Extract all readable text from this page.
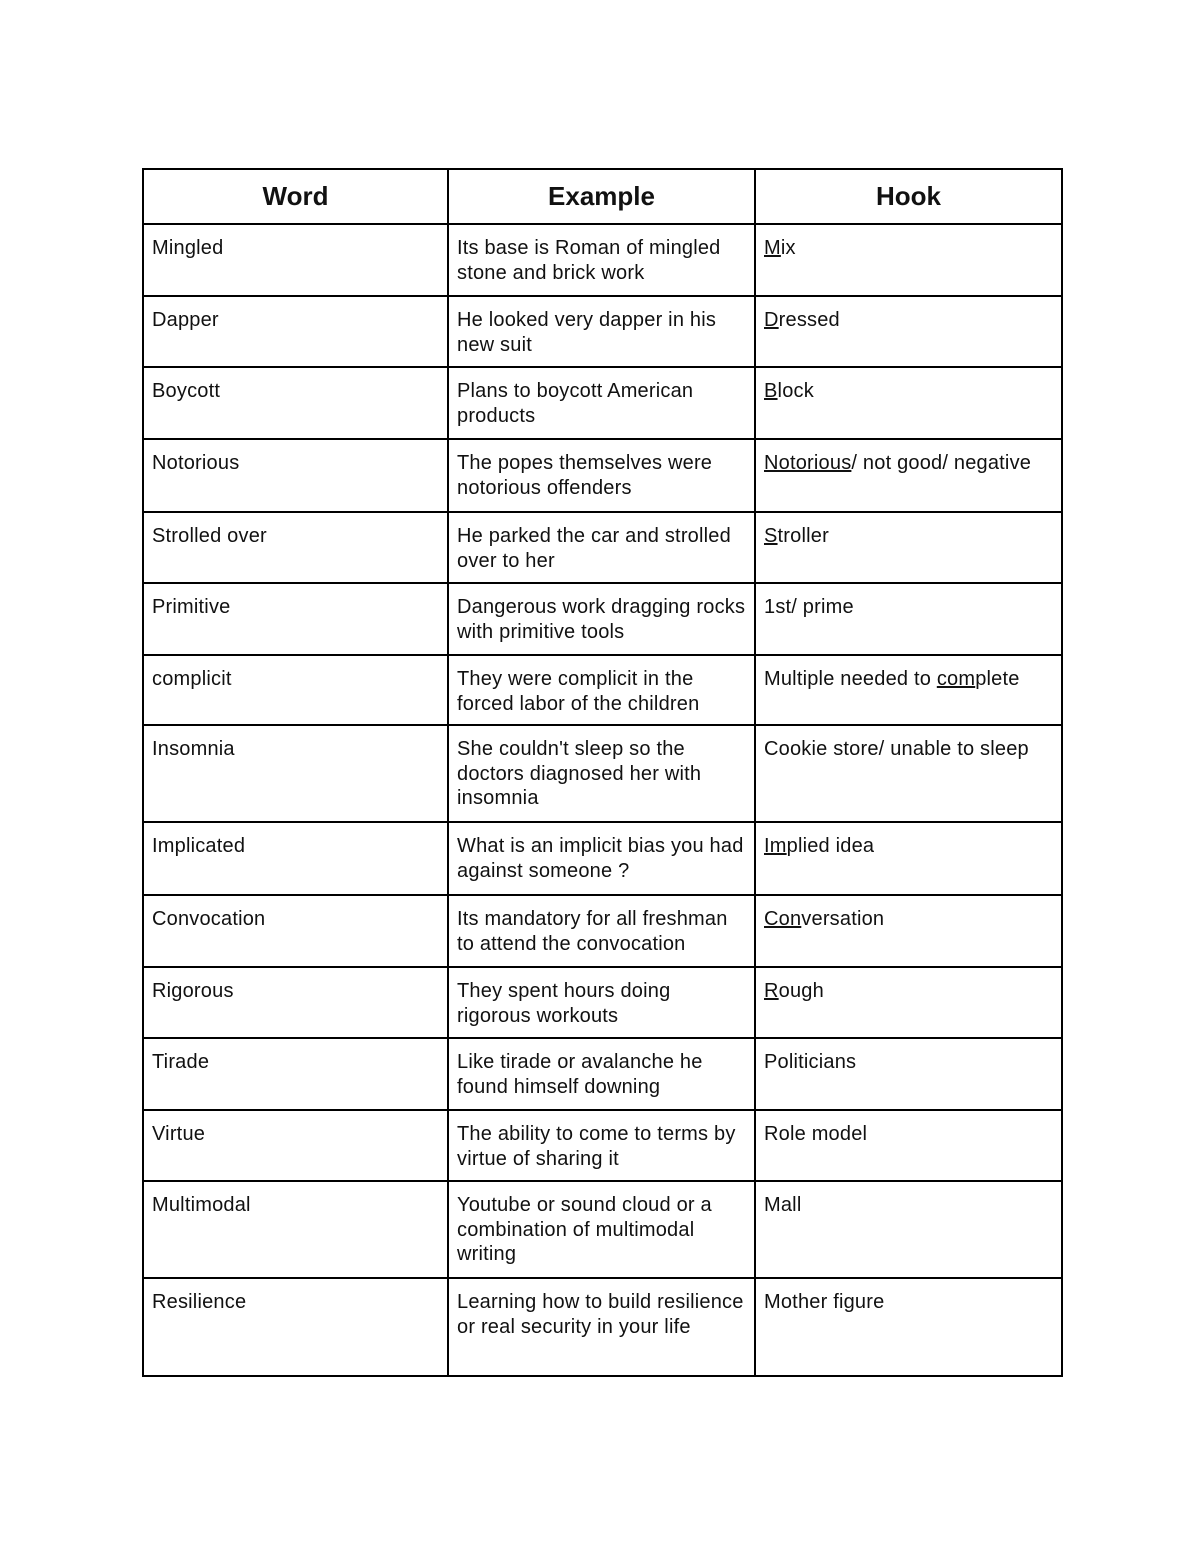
Word	Example	Hook
Mingled	Its base is Roman of mingled stone and brick work	Mix
Dapper	He looked very dapper in his new suit	Dressed
Boycott	Plans to boycott American products	Block
Notorious	The popes themselves were notorious offenders	Notorious/ not good/ negative
Strolled over	He parked the car and strolled over to her	Stroller
Primitive	Dangerous work dragging rocks with primitive tools	1st/ prime
complicit	They were complicit in the forced labor of the children	Multiple needed to complete
Insomnia	She couldn't sleep so the doctors diagnosed her with insomnia	Cookie store/ unable to sleep
Implicated	What is an implicit bias you had against someone ?	Implied idea
Convocation	Its mandatory for all freshman to attend the convocation	Conversation
Rigorous	They spent hours doing rigorous workouts	Rough
Tirade	Like tirade or avalanche he found himself downing	Politicians
Virtue	The ability to come to terms by virtue of sharing it	Role model
Multimodal	Youtube or sound cloud or a combination of multimodal writing	Mall
Resilience	Learning how to build resilience or real security in your life	Mother figure
